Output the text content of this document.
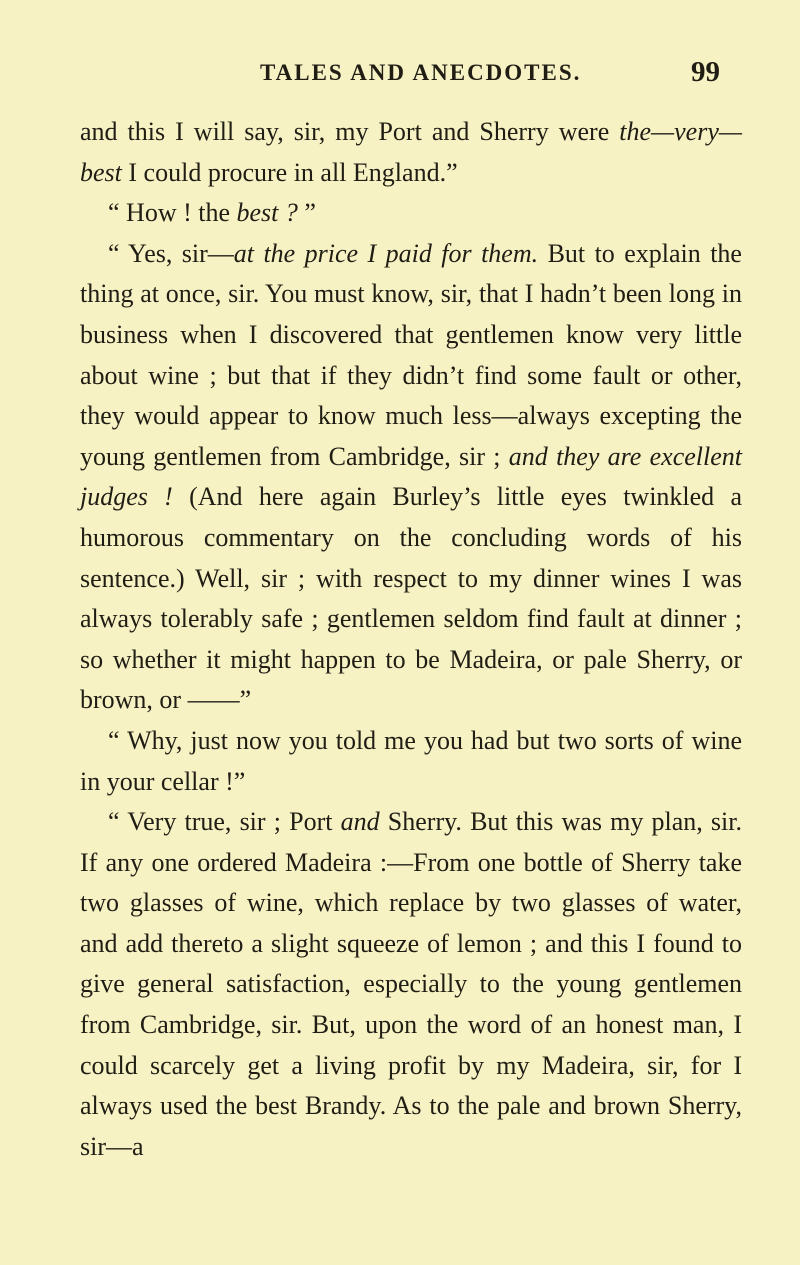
TALES AND ANECDOTES.	99

and this I will say, sir, my Port and Sherry were the—very—best I could procure in all England.”

“ How ! the best ? ”

“ Yes, sir—at the price I paid for them. But to explain the thing at once, sir. You must know, sir, that I hadn’t been long in business when I discovered that gentlemen know very little about wine ; but that if they didn’t find some fault or other, they would appear to know much less—always excepting the young gentlemen from Cambridge, sir ; and they are excellent judges ! (And here again Burley’s little eyes twinkled a humorous commentary on the concluding words of his sentence.) Well, sir ; with respect to my dinner wines I was always tolerably safe ; gentlemen seldom find fault at dinner ; so whether it might happen to be Madeira, or pale Sherry, or brown, or ——”

“ Why, just now you told me you had but two sorts of wine in your cellar !”

“ Very true, sir ; Port and Sherry. But this was my plan, sir. If any one ordered Madeira :—From one bottle of Sherry take two glasses of wine, which replace by two glasses of water, and add thereto a slight squeeze of lemon ; and this I found to give general satisfaction, especially to the young gentlemen from Cambridge, sir. But, upon the word of an honest man, I could scarcely get a living profit by my Madeira, sir, for I always used the best Brandy. As to the pale and brown Sherry, sir—a
